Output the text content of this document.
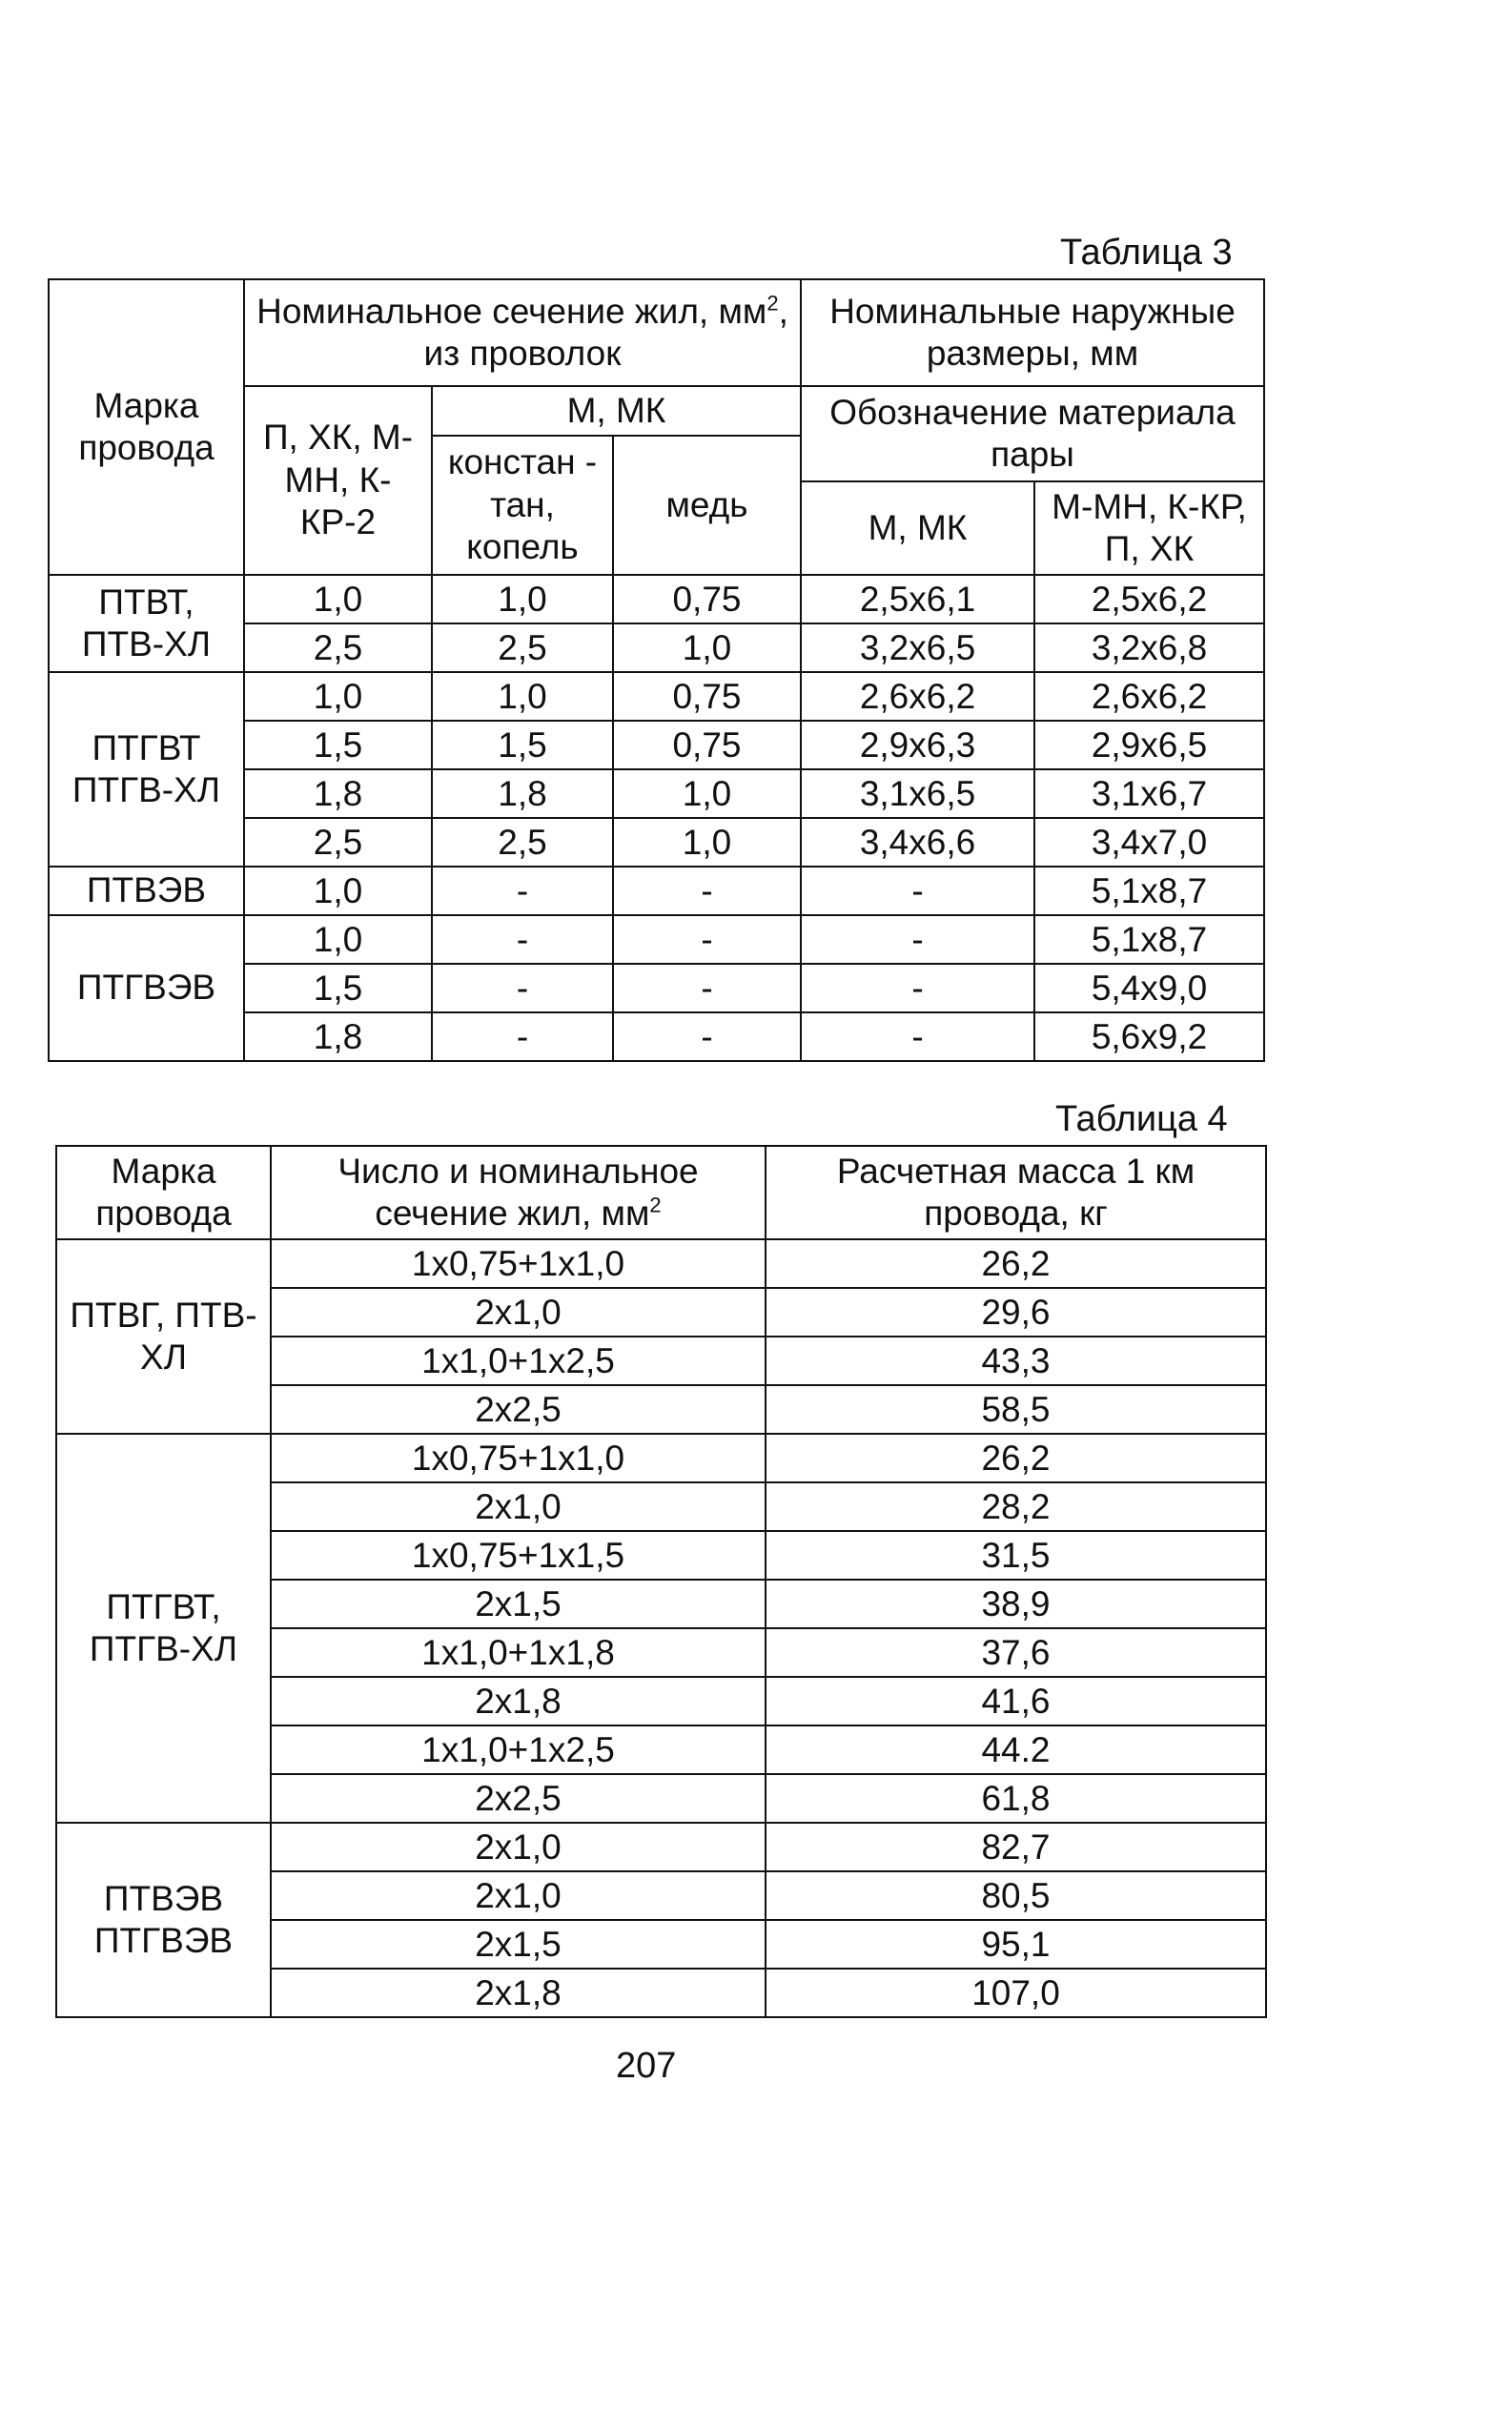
Таблица 3
Марка провода	Номинальное сечение жил, $мм^2$, из проволок			Номинальные наружные размеры, мм	
	П, ХК, М-МН, К-КР-2	М, МК		Обозначение материала пары	
		констан - тан, копель	медь		
				М, МК	М-МН, К-КР, П, ХК
ПТВТ, ПТВ-ХЛ	1,0	1,0	0,75	2,5x6,1	2,5x6,2
	2,5	2,5	1,0	3,2x6,5	3,2x6,8
ПТГВТ ПТГВ-ХЛ	1,0	1,0	0,75	2,6x6,2	2,6x6,2
	1,5	1,5	0,75	2,9x6,3	2,9x6,5
	1,8	1,8	1,0	3,1x6,5	3,1x6,7
	2,5	2,5	1,0	3,4x6,6	3,4x7,0
ПТВЭВ	1,0	-	-	-	5,1x8,7
ПТГВЭВ	1,0	-	-	-	5,1x8,7
	1,5	-	-	-	5,4x9,0
	1,8	-	-	-	5,6x9,2
Таблица 4
Марка провода	Число и номинальное сечение жил, $мм^2$	Расчетная масса 1 км провода, кг
ПТВГ, ПТВ-ХЛ	1x0,75+1x1,0	26,2
	2x1,0	29,6
	1x1,0+1x2,5	43,3
	2x2,5	58,5
ПТГВТ, ПТГВ-ХЛ	1x0,75+1x1,0	26,2
	2x1,0	28,2
	1x0,75+1x1,5	31,5
	2x1,5	38,9
	1x1,0+1x1,8	37,6
	2x1,8	41,6
	1x1,0+1x2,5	44.2
	2x2,5	61,8
ПТВЭВ ПТГВЭВ	2x1,0	82,7
	2x1,0	80,5
	2x1,5	95,1
	2x1,8	107,0
207
